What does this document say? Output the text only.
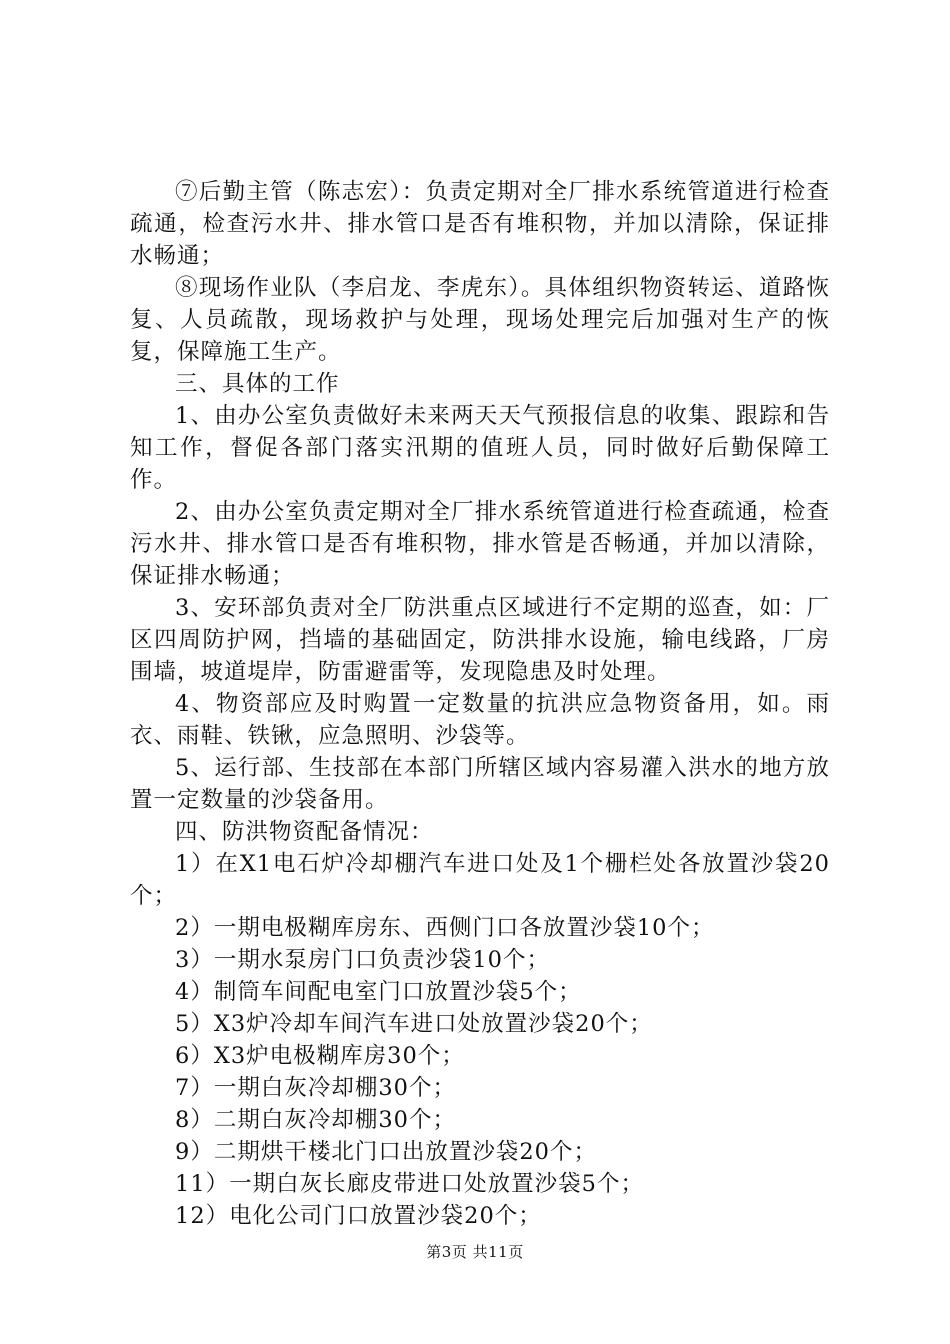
⑦后勤主管（陈志宏）：负责定期对全厂排水系统管道进行检查疏通，检查污水井、排水管口是否有堆积物，并加以清除，保证排水畅通；

⑧现场作业队（李启龙、李虎东）。具体组织物资转运、道路恢复、人员疏散，现场救护与处理，现场处理完后加强对生产的恢复，保障施工生产。

三、具体的工作

1、由办公室负责做好未来两天天气预报信息的收集、跟踪和告知工作，督促各部门落实汛期的值班人员，同时做好后勤保障工作。

2、由办公室负责定期对全厂排水系统管道进行检查疏通，检查污水井、排水管口是否有堆积物，排水管是否畅通，并加以清除，保证排水畅通；

3、安环部负责对全厂防洪重点区域进行不定期的巡查，如：厂区四周防护网，挡墙的基础固定，防洪排水设施，输电线路，厂房围墙，坡道堤岸，防雷避雷等，发现隐患及时处理。

4、物资部应及时购置一定数量的抗洪应急物资备用，如。雨衣、雨鞋、铁锹，应急照明、沙袋等。

5、运行部、生技部在本部门所辖区域内容易灌入洪水的地方放置一定数量的沙袋备用。

四、防洪物资配备情况：

1）在X1电石炉冷却棚汽车进口处及1个栅栏处各放置沙袋20个；

2）一期电极糊库房东、西侧门口各放置沙袋10个；

3）一期水泵房门口负责沙袋10个；

4）制筒车间配电室门口放置沙袋5个；

5）X3炉冷却车间汽车进口处放置沙袋20个；

6）X3炉电极糊库房30个；

7）一期白灰冷却棚30个；

8）二期白灰冷却棚30个；

9）二期烘干楼北门口出放置沙袋20个；

11）一期白灰长廊皮带进口处放置沙袋5个；

12）电化公司门口放置沙袋20个；

第3页 共11页
